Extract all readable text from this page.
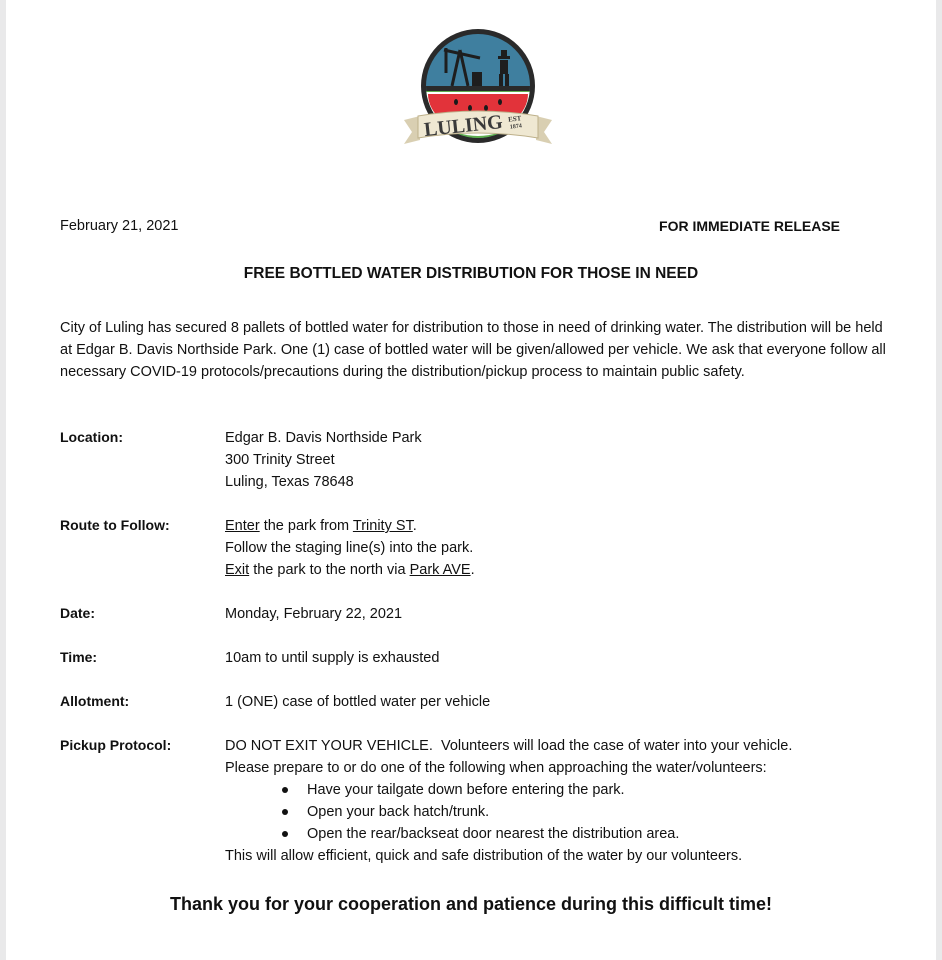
LULING EST
1874
February 21, 2021	FOR IMMEDIATE RELEASE
FREE BOTTLED WATER DISTRIBUTION FOR THOSE IN NEED
City of Luling has secured 8 pallets of bottled water for distribution to those in need of drinking water. The distribution will be held at Edgar B. Davis Northside Park. One (1) case of bottled water will be given/allowed per vehicle. We ask that everyone follow all necessary COVID-19 protocols/precautions during the distribution/pickup process to maintain public safety.
Location:	Edgar B. Davis Northside Park
300 Trinity Street
Luling, Texas 78648
Route to Follow:	Enter the park from Trinity ST.
Follow the staging line(s) into the park.
Exit the park to the north via Park AVE.
Date:	Monday, February 22, 2021
Time:	10am to until supply is exhausted
Allotment:	1 (ONE) case of bottled water per vehicle
Pickup Protocol:	DO NOT EXIT YOUR VEHICLE.  Volunteers will load the case of water into your vehicle.
Please prepare to or do one of the following when approaching the water/volunteers:
Have your tailgate down before entering the park.
Open your back hatch/trunk.
Open the rear/backseat door nearest the distribution area.
This will allow efficient, quick and safe distribution of the water by our volunteers.
Thank you for your cooperation and patience during this difficult time!
